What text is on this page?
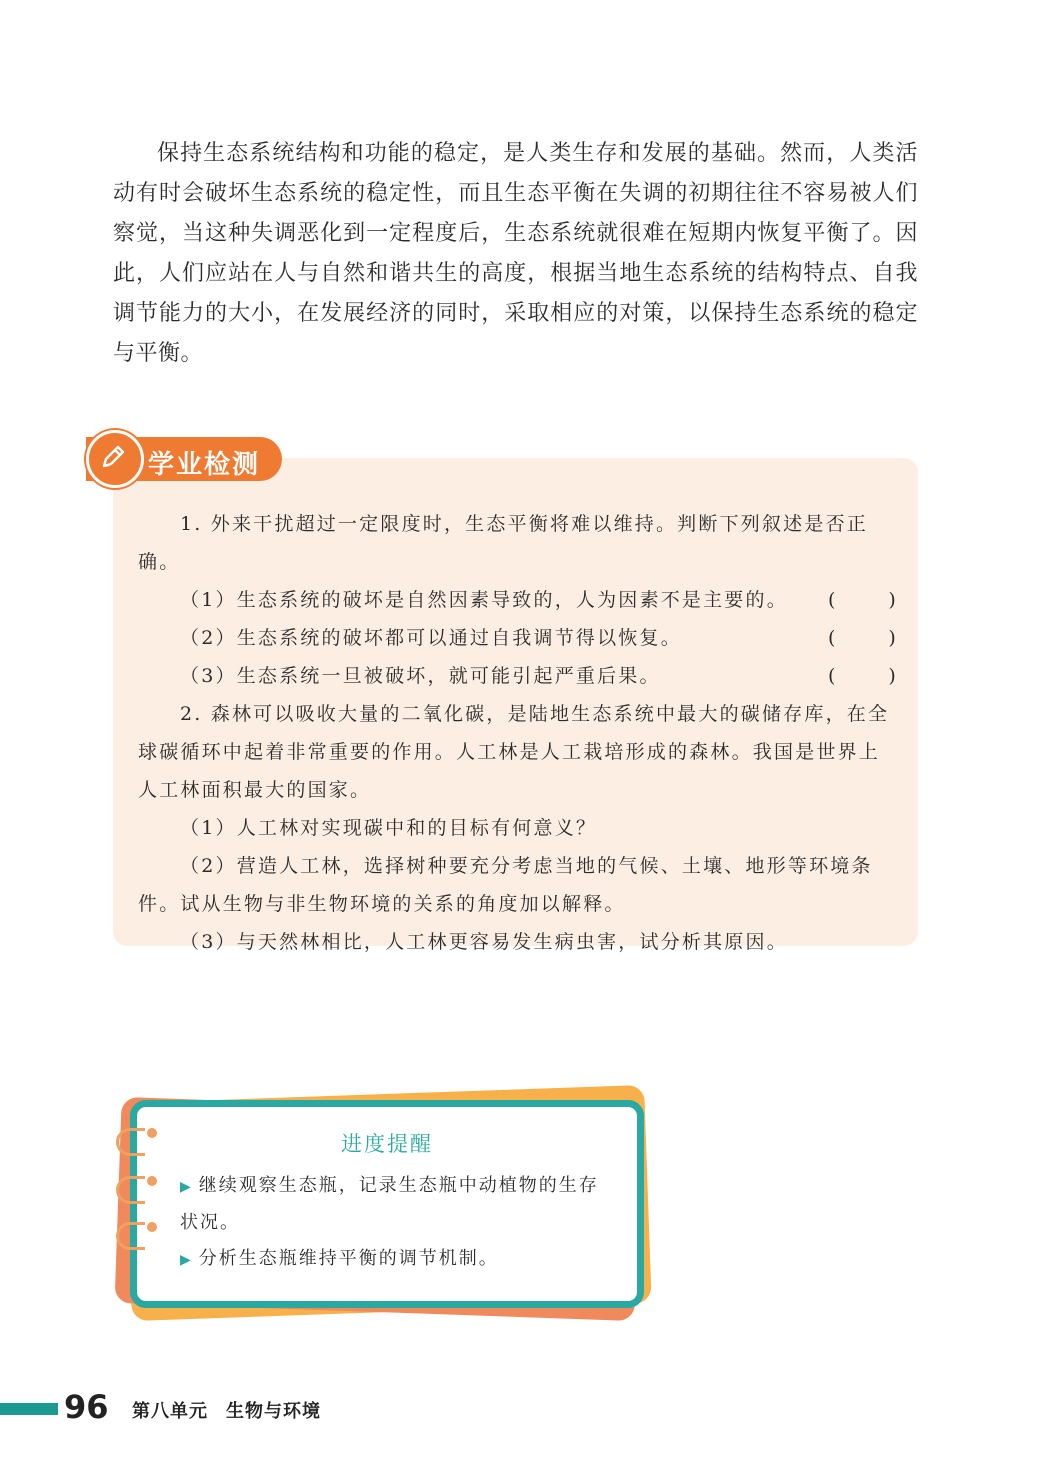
保持生态系统结构和功能的稳定，是人类生存和发展的基础。然而，人类活动有时会破坏生态系统的稳定性，而且生态平衡在失调的初期往往不容易被人们察觉，当这种失调恶化到一定程度后，生态系统就很难在短期内恢复平衡了。因此，人们应站在人与自然和谐共生的高度，根据当地生态系统的结构特点、自我调节能力的大小，在发展经济的同时，采取相应的对策，以保持生态系统的稳定与平衡。

学业检测

1. 外来干扰超过一定限度时，生态平衡将难以维持。判断下列叙述是否正确。

（1）生态系统的破坏是自然因素导致的，人为因素不是主要的。 (	)

（2）生态系统的破坏都可以通过自我调节得以恢复。	(	)

（3）生态系统一旦被破坏，就可能引起严重后果。	(	)

2. 森林可以吸收大量的二氧化碳，是陆地生态系统中最大的碳储存库，在全球碳循环中起着非常重要的作用。人工林是人工栽培形成的森林。我国是世界上人工林面积最大的国家。

（1）人工林对实现碳中和的目标有何意义？

（2）营造人工林，选择树种要充分考虑当地的气候、土壤、地形等环境条件。试从生物与非生物环境的关系的角度加以解释。

（3）与天然林相比，人工林更容易发生病虫害，试分析其原因。

进度提醒

▶ 继续观察生态瓶，记录生态瓶中动植物的生存状况。

▶ 分析生态瓶维持平衡的调节机制。

96 第八单元 生物与环境
